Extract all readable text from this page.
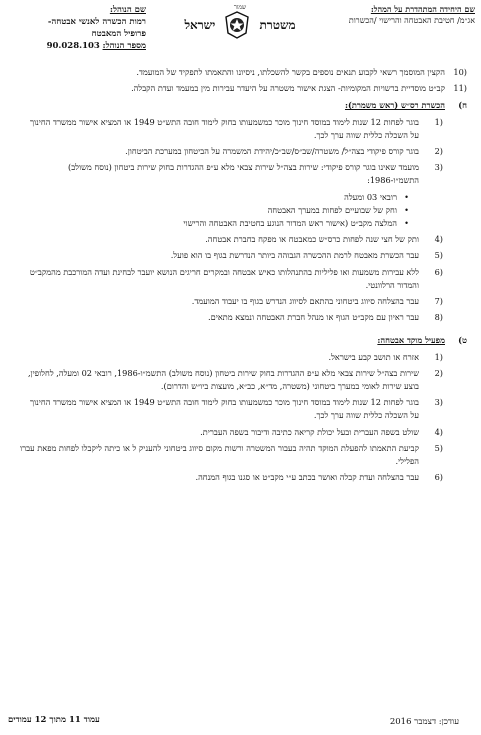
שם היחידה המתהדרת על המהל:
אג״מ/ חטיבת האבטחה והרישוי /הכשרות
שמור
משטרת  ישראל
שם הנוהל:
רמות הכשרה לאנשי אבטחה-
פרופיל המאבטח
מספר הנוהל: 90.028.103
(10
הקצין המוסמך רשאי לקבוע תנאים נוספים בקשר להשכלתו, ניסיונו והתאמתו לתפקיד של המועמד.
(11
קב״ט מוסדיית ברשויות המקומיות- הצגת אישור משטרה על היעדר עבירות מין במעמד ועדת הקבלה.
ח)
הכשרת רס״ש (ראש משמרת):
(1
בוגר לפחות 12 שנות לימוד במוסד חינוך מוכר כמשמעותו בחוק לימוד חובה התש״ט 1949 או המציא אישור ממשרד החינוך על השכלה כללית שווה ערך לכך.
(2
בוגר קורס פיקודי בצה״ל/ משטרה/שב״ס/שב״כ/יהידת המשמרה על הביטחון במערכת הביטחון.
(3
מועמד שאינו בוגר קורס פיקודי: שירות בצה״ל שירות צבאי מלא ע״פ ההגדרות בחוק שירות ביטחון (נוסח משולב) התשמ״ו-1986:
• רובאי 03 ומעלה
• וחק של שבועיים לפחות במערך האבטחה
• המלצה מקב״ט (אישור ראש המדור הנוגע בחטיבת האבטחה והרישוי
(4
ותק של חצי שנה לפחות כרס״ש כמאבטח או מפקח בחברת אבטחה.
(5
עבר הכשרת מאבטח לרמת ההכשרה הגבוהה ביותר הנדרשת בגוף בו הוא פועל.
(6
ללא עבירות משמעות ואו פליליות בהתנהלותו כאיש אבטחה ובמקרים חריגים הנושא יועבר לבחינת ועדה המורכבת מהמקב״ט והמדור הרלוונטי.
(7
עבר בהצלחה סיווג ביטחוני בהתאם לסיווג הנדרש בגוף בו יעבוד המועמד.
(8
עבר ראיון עם מקב״ט הגוף או מנהל חברת האבטחה ונמצא מתאים.
ט)
מפעיל מוקד אבטחה:
(1
אזרח או תושב קבע בישראל.
(2
שירות בצה״ל שירות צבאי מלא ע״פ ההגדרות בחוק שירות ביטחון (נוסח משולב) התשמ״ו-1986, רובאי 02 ומעלה, לחלופין, בוצע שירות לאומי במערך ביטחוני (משטרה, מד״א, כב״א, מועצות ביו״ש והדרום).
(3
בוגר לפחות 12 שנות לימוד במוסד חינוך מוכר כמשמעותו בחוק לימוד חובה התש״ט 1949 או המציא אישור ממשרד החינוך על השכלה כללית שווה ערך לכך.
(4
שולט בשפה העברית ובעל יכולת קריאה כתיבה ודיבור בשפה העברית.
(5
קביעת התאמתו להפעלת המוקד תהיה בעבור המשטרה ורשות מקום סיווג ביטחוני להעניק ל או כיתה ליקבלו לפחות מפאת עברו הפלילי.
(6
עבר בהצלחה ועדת קבלה ואושר בכתב ע״י מקב״ט או סגנו בגוף המנחה.
עודכן: דצמבר 2016
עמוד 11 מתוך 12 עמודים
